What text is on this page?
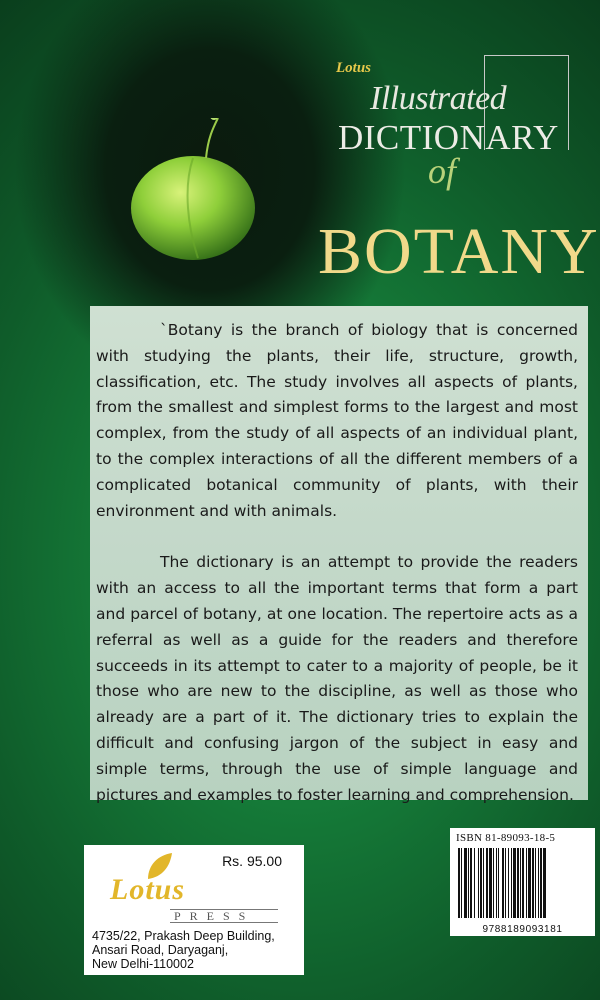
Lotus
Illustrated
DICTIONARY
of
BOTANY

`Botany is the branch of biology that is concerned with studying the plants, their life, structure, growth, classification, etc. The study involves all aspects of plants, from the smallest and simplest forms to the largest and most complex, from the study of all aspects of an individual plant, to the complex interactions of all the different members of a complicated botanical community of plants, with their environment and with animals.

The dictionary is an attempt to provide the readers with an access to all the important terms that form a part and parcel of botany, at one location. The repertoire acts as a referral as well as a guide for the readers and therefore succeeds in its attempt to cater to a majority of people, be it those who are new to the discipline, as well as those who already are a part of it. The dictionary tries to explain the difficult and confusing jargon of the subject in easy and simple terms, through the use of simple language and pictures and examples to foster learning and comprehension.

ISBN 81-89093-18-5
9788189093181
Rs. 95.00
Lotus
PRESS
4735/22, Prakash Deep Building,
Ansari Road, Daryaganj,
New Delhi-110002
